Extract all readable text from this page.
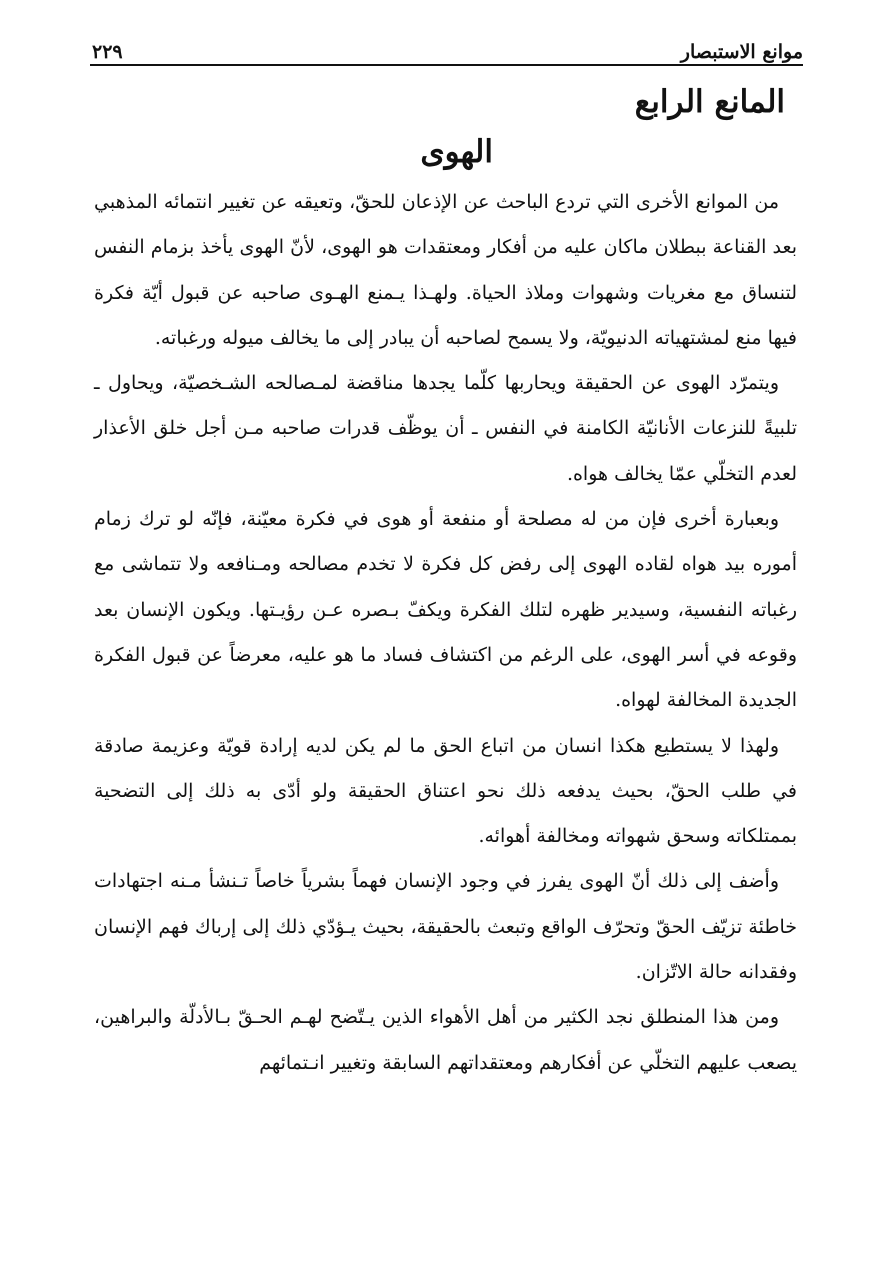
موانع الاستبصار
٢٢٩
المانع الرابع
الهوى

من الموانع الأخرى التي تردع الباحث عن الإذعان للحقّ، وتعيقه عن تغيير انتمائه المذهبي بعد القناعة ببطلان ماكان عليه من أفكار ومعتقدات هو الهوى، لأنّ الهوى يأخذ بزمام النفس لتنساق مع مغريات وشهوات وملاذ الحياة. ولهـذا يـمنع الهـوى صاحبه عن قبول أيّة فكرة فيها منع لمشتهياته الدنيويّة، ولا يسمح لصاحبه أن يبادر إلى ما يخالف ميوله ورغباته.

ويتمرّد الهوى عن الحقيقة ويحاربها كلّما يجدها مناقضة لمـصالحه الشـخصيّة، ويحاول ـ تلبيةً للنزعات الأنانيّة الكامنة في النفس ـ أن يوظّف قدرات صاحبه مـن أجل خلق الأعذار لعدم التخلّي عمّا يخالف هواه.

وبعبارة أخرى فإن من له مصلحة أو منفعة أو هوى في فكرة معيّنة، فإنّه لو ترك زمام أموره بيد هواه لقاده الهوى إلى رفض كل فكرة لا تخدم مصالحه ومـنافعه ولا تتماشى مع رغباته النفسية، وسيدير ظهره لتلك الفكرة ويكفّ بـصره عـن رؤيـتها. ويكون الإنسان بعد وقوعه في أسر الهوى، على الرغم من اكتشاف فساد ما هو عليه، معرضاً عن قبول الفكرة الجديدة المخالفة لهواه.

ولهذا لا يستطيع هكذا انسان من اتباع الحق ما لم يكن لديه إرادة قويّة وعزيمة صادقة في طلب الحقّ، بحيث يدفعه ذلك نحو اعتناق الحقيقة ولو أدّى به ذلك إلى التضحية بممتلكاته وسحق شهواته ومخالفة أهوائه.

وأضف إلى ذلك أنّ الهوى يفرز في وجود الإنسان فهماً بشرياً خاصاً تـنشأ مـنه اجتهادات خاطئة تزيّف الحقّ وتحرّف الواقع وتبعث بالحقيقة، بحيث يـؤدّي ذلك إلى إرباك فهم الإنسان وفقدانه حالة الاتّزان.

ومن هذا المنطلق نجد الكثير من أهل الأهواء الذين يـتّضح لهـم الحـقّ بـالأدلّة والبراهين، يصعب عليهم التخلّي عن أفكارهم ومعتقداتهم السابقة وتغيير انـتمائهم
